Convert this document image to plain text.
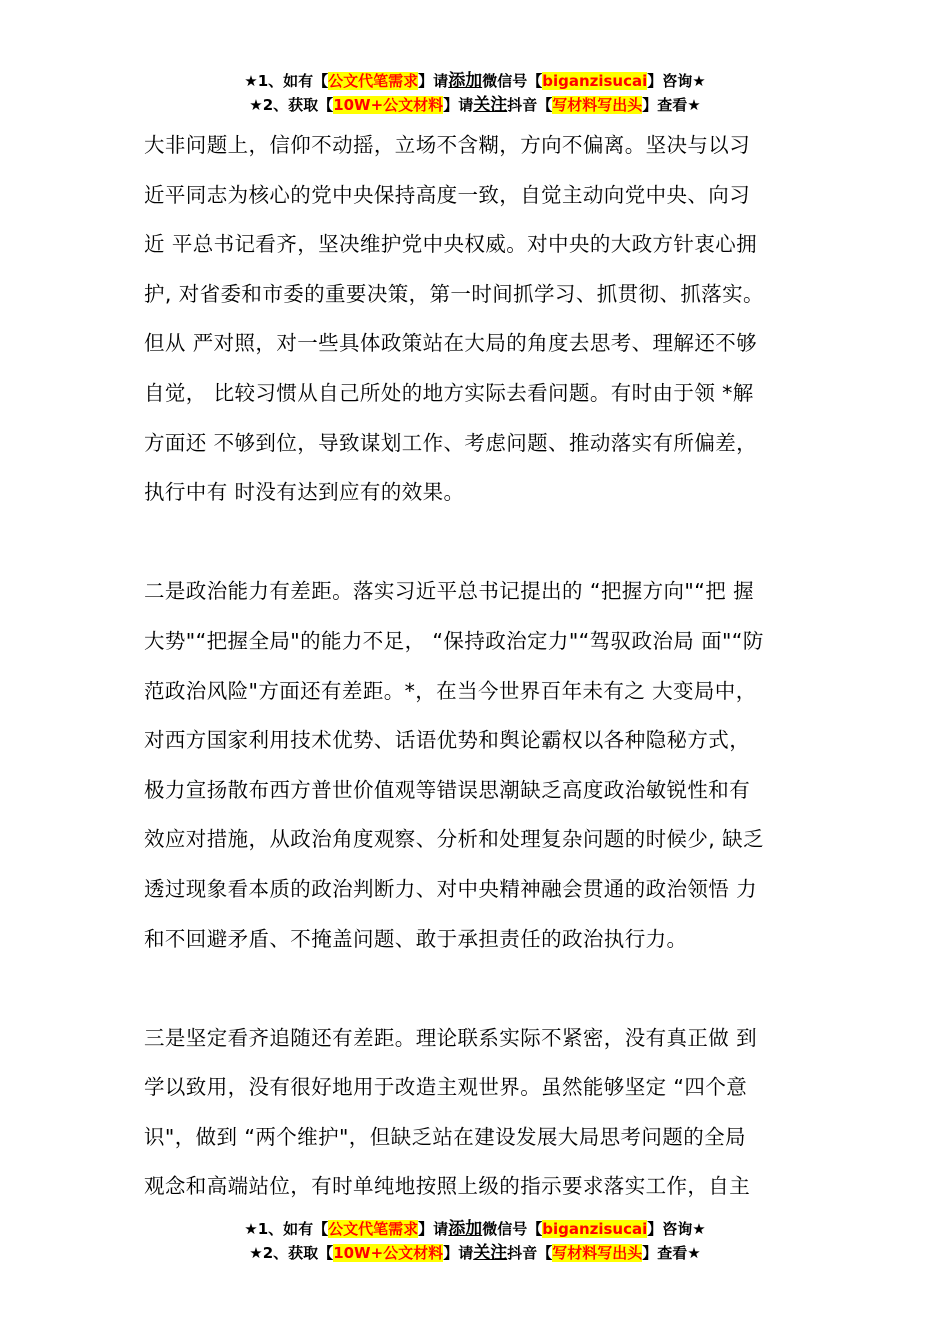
★1、如有【公文代笔需求】请添加微信号【biganzisucai】咨询★
★2、获取【10W+公文材料】请关注抖音【写材料写出头】查看★

大非问题上，信仰不动摇，立场不含糊，方向不偏离。坚决与以习
近平同志为核心的党中央保持高度一致，自觉主动向党中央、向习
近 平总书记看齐，坚决维护党中央权威。对中央的大政方针衷心拥
护, 对省委和市委的重要决策，第一时间抓学习、抓贯彻、抓落实。
但从 严对照，对一些具体政策站在大局的角度去思考、理解还不够
自觉， 比较习惯从自己所处的地方实际去看问题。有时由于领 *解
方面还 不够到位，导致谋划工作、考虑问题、推动落实有所偏差，
执行中有 时没有达到应有的效果。

二是政治能力有差距。落实习近平总书记提出的 “把握方向"“把 握
大势"“把握全局"的能力不足， “保持政治定力"“驾驭政治局 面"“防
范政治风险"方面还有差距。*，在当今世界百年未有之 大变局中，
对西方国家利用技术优势、话语优势和舆论霸权以各种隐秘方式，
极力宣扬散布西方普世价值观等错误思潮缺乏高度政治敏锐性和有
效应对措施，从政治角度观察、分析和处理复杂问题的时候少, 缺乏
透过现象看本质的政治判断力、对中央精神融会贯通的政治领悟 力
和不回避矛盾、不掩盖问题、敢于承担责任的政治执行力。

三是坚定看齐追随还有差距。理论联系实际不紧密，没有真正做 到
学以致用，没有很好地用于改造主观世界。虽然能够坚定 “四个意
识"，做到 “两个维护"，但缺乏站在建设发展大局思考问题的全局
观念和高端站位，有时单纯地按照上级的指示要求落实工作，自主

★1、如有【公文代笔需求】请添加微信号【biganzisucai】咨询★
★2、获取【10W+公文材料】请关注抖音【写材料写出头】查看★
